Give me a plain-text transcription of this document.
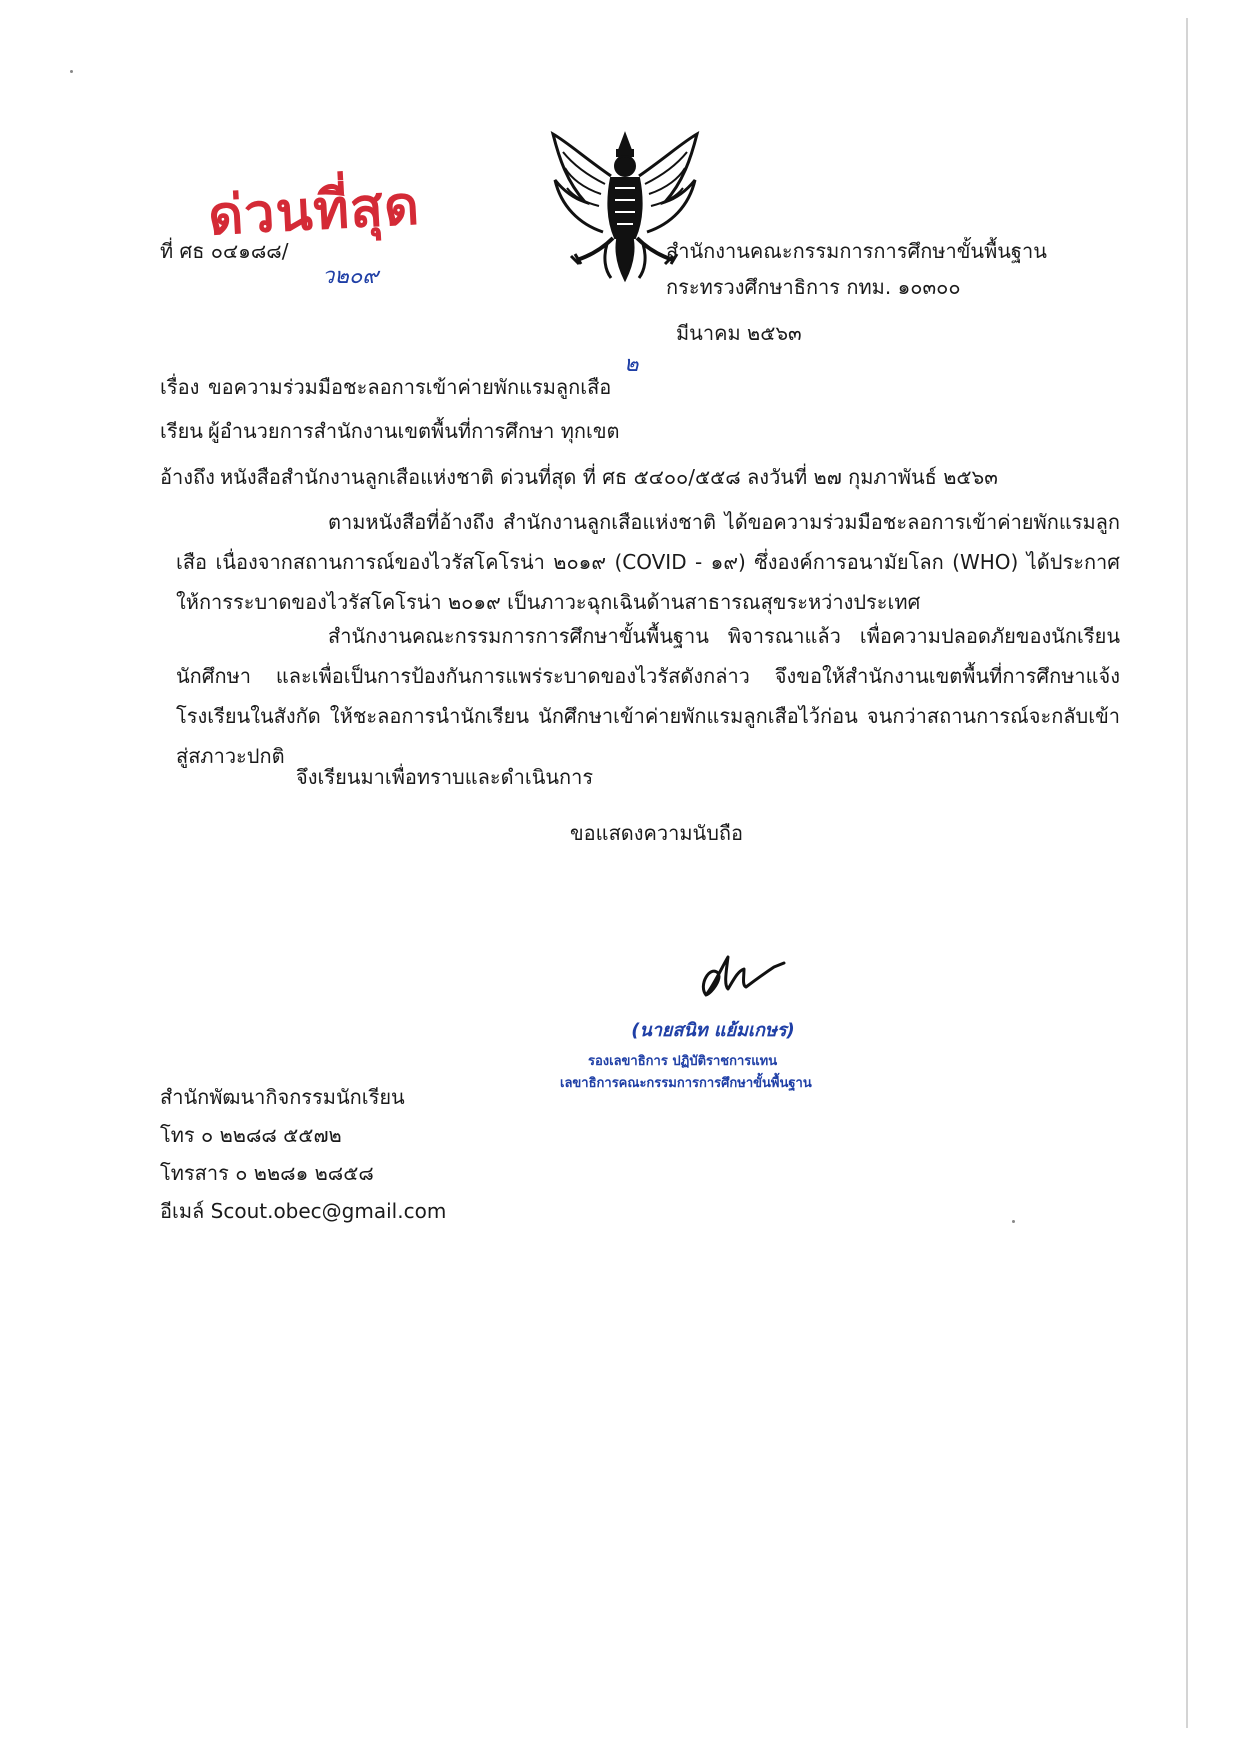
ด่วนที่สุด
ที่ ศธ ๐๔๑๘๘/
ว๒๐๙
สำนักงานคณะกรรมการการศึกษาขั้นพื้นฐาน
กระทรวงศึกษาธิการ กทม. ๑๐๓๐๐
๒
มีนาคม ๒๕๖๓
เรื่อง ขอความร่วมมือชะลอการเข้าค่ายพักแรมลูกเสือ
เรียน ผู้อำนวยการสำนักงานเขตพื้นที่การศึกษา ทุกเขต
อ้างถึง หนังสือสำนักงานลูกเสือแห่งชาติ ด่วนที่สุด ที่ ศธ ๕๔๐๐/๕๕๘ ลงวันที่ ๒๗ กุมภาพันธ์ ๒๕๖๓
ตามหนังสือที่อ้างถึง สำนักงานลูกเสือแห่งชาติ ได้ขอความร่วมมือชะลอการเข้าค่ายพักแรมลูกเสือ เนื่องจากสถานการณ์ของไวรัสโคโรน่า ๒๐๑๙ (COVID - ๑๙) ซึ่งองค์การอนามัยโลก (WHO) ได้ประกาศให้การระบาดของไวรัสโคโรน่า ๒๐๑๙ เป็นภาวะฉุกเฉินด้านสาธารณสุขระหว่างประเทศ
สำนักงานคณะกรรมการการศึกษาขั้นพื้นฐาน พิจารณาแล้ว เพื่อความปลอดภัยของนักเรียน นักศึกษา และเพื่อเป็นการป้องกันการแพร่ระบาดของไวรัสดังกล่าว จึงขอให้สำนักงานเขตพื้นที่การศึกษาแจ้งโรงเรียนในสังกัด ให้ชะลอการนำนักเรียน นักศึกษาเข้าค่ายพักแรมลูกเสือไว้ก่อน จนกว่าสถานการณ์จะกลับเข้าสู่สภาวะปกติ
จึงเรียนมาเพื่อทราบและดำเนินการ
ขอแสดงความนับถือ
(นายสนิท แย้มเกษร)
รองเลขาธิการ ปฏิบัติราชการแทน
เลขาธิการคณะกรรมการการศึกษาขั้นพื้นฐาน
สำนักพัฒนากิจกรรมนักเรียน
โทร ๐ ๒๒๘๘ ๕๕๗๒
โทรสาร ๐ ๒๒๘๑ ๒๘๕๘
อีเมล์ Scout.obec@gmail.com
